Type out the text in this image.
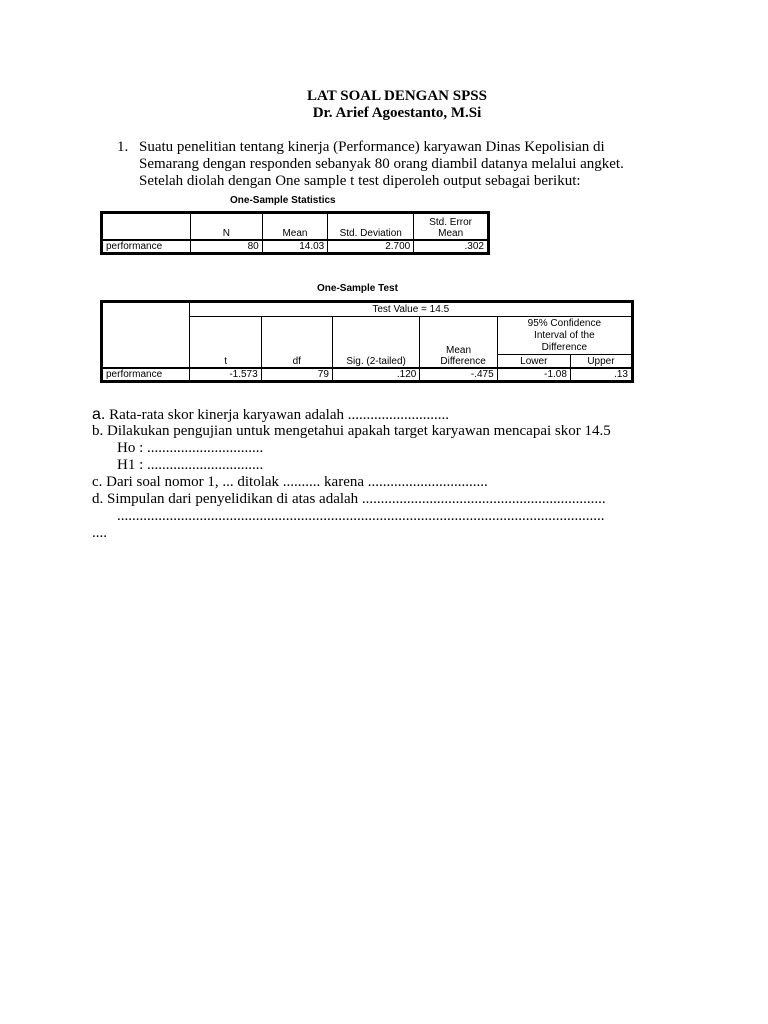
LAT SOAL DENGAN SPSS
Dr. Arief Agoestanto, M.Si
1. Suatu penelitian tentang kinerja (Performance) karyawan Dinas Kepolisian di
Semarang dengan responden sebanyak 80 orang diambil datanya melalui angket.
Setelah diolah dengan One sample t test diperoleh output sebagai berikut:
One-Sample Statistics
	N	Mean	Std. Deviation	Std. Error
Mean
performance	80	14.03	2.700	.302
One-Sample Test
	Test Value = 14.5					
	t	df	Sig. (2-tailed)	Mean Difference	95% Confidence Interval of the Difference	
					Lower	Upper
performance	-1.573	79	.120	-.475	-1.08	.13
a. Rata-rata skor kinerja karyawan adalah ...........................
b. Dilakukan pengujian untuk mengetahui apakah target karyawan mencapai skor 14.5
Ho : ...............................
H1 : ...............................
c. Dari soal nomor 1, ... ditolak .......... karena ................................
d. Simpulan dari penyelidikan di atas adalah .................................................................
..................................................................................................................................
....
